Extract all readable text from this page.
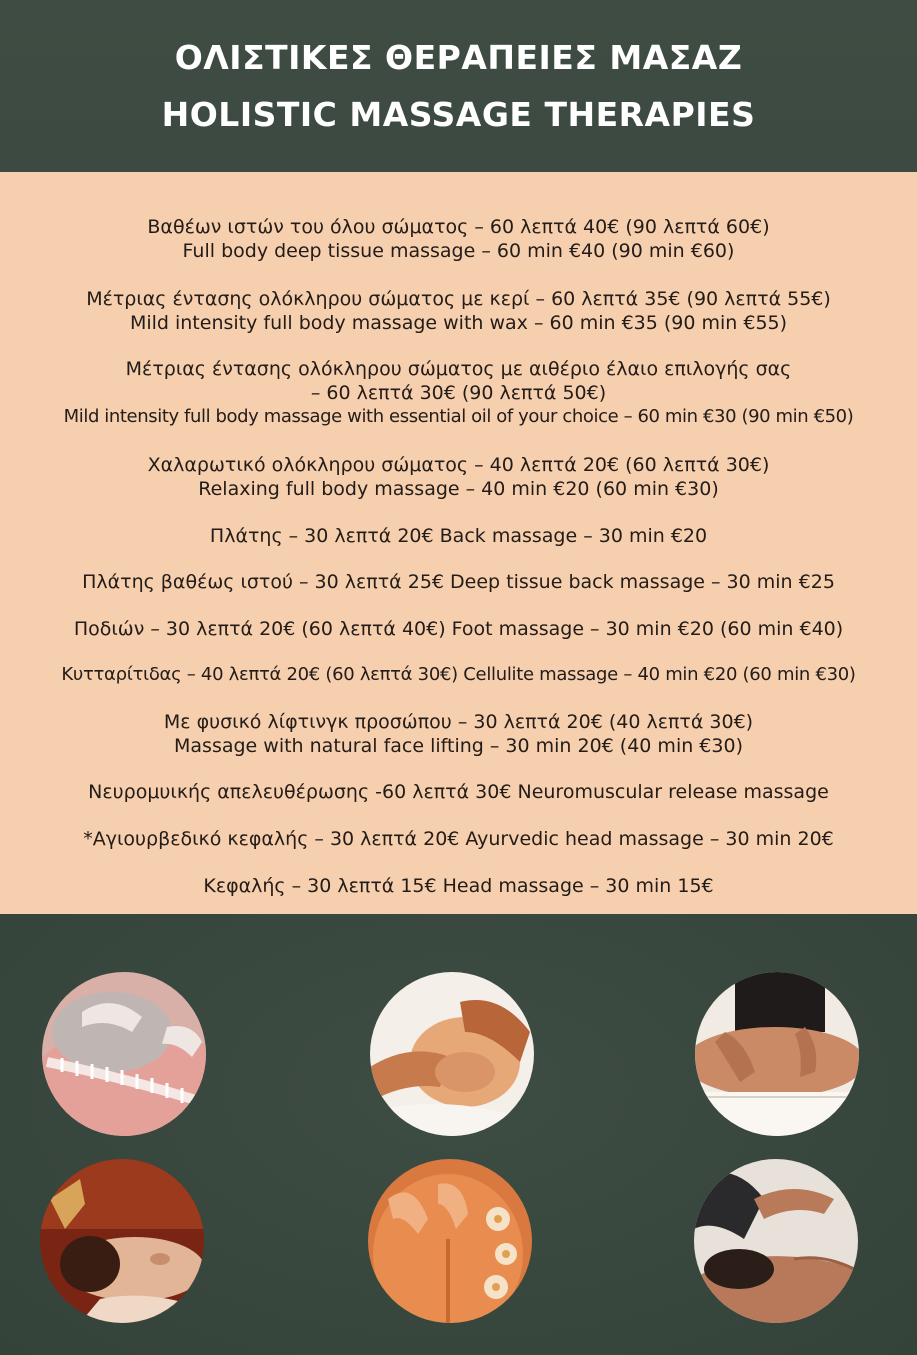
ΟΛΙΣΤΙΚΕΣ ΘΕΡΑΠΕΙΕΣ ΜΑΣΑΖ
HOLISTIC MASSAGE THERAPIES
Βαθέων ιστών του όλου σώματος – 60 λεπτά 40€ (90 λεπτά 60€)
Full body deep tissue massage – 60 min €40 (90 min €60)
Μέτριας έντασης ολόκληρου σώματος με κερί – 60 λεπτά 35€ (90 λεπτά 55€)
Mild intensity full body massage with wax – 60 min €35 (90 min €55)
Μέτριας έντασης ολόκληρου σώματος με αιθέριο έλαιο επιλογής σας
– 60 λεπτά 30€ (90 λεπτά 50€)
Mild intensity full body massage with essential oil of your choice – 60 min €30 (90 min €50)
Χαλαρωτικό ολόκληρου σώματος – 40 λεπτά 20€ (60 λεπτά 30€)
Relaxing full body massage – 40 min €20 (60 min €30)
Πλάτης – 30 λεπτά 20€ Back massage – 30 min €20
Πλάτης βαθέως ιστού – 30 λεπτά 25€ Deep tissue back massage – 30 min €25
Ποδιών – 30 λεπτά 20€ (60 λεπτά 40€) Foot massage – 30 min €20 (60 min €40)
Κυτταρίτιδας – 40 λεπτά 20€ (60 λεπτά 30€) Cellulite massage – 40 min €20 (60 min €30)
Με φυσικό λίφτινγκ προσώπου – 30 λεπτά 20€ (40 λεπτά 30€)
Massage with natural face lifting – 30 min 20€ (40 min €30)
Νευρομυικής απελευθέρωσης -60 λεπτά 30€ Neuromuscular release massage
*Αγιουρβεδικό κεφαλής – 30 λεπτά 20€ Ayurvedic head massage – 30 min 20€
Κεφαλής – 30 λεπτά 15€ Head massage – 30 min 15€
